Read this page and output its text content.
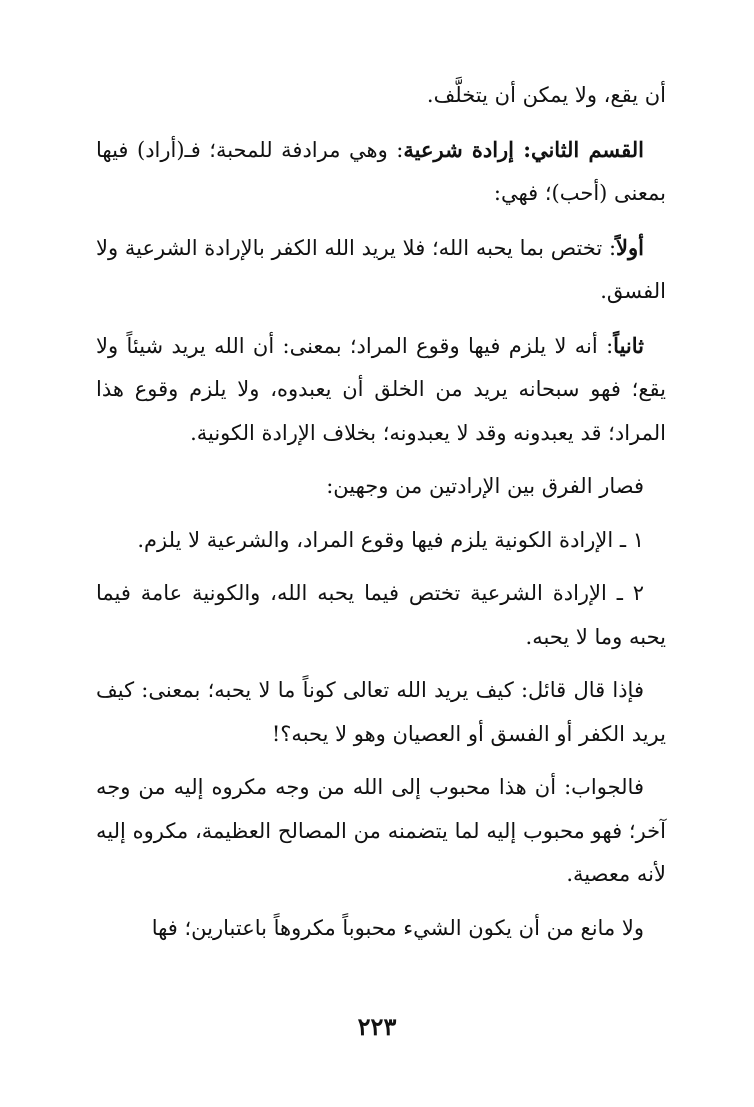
أن يقع، ولا يمكن أن يتخلَّف.

القسم الثاني: إرادة شرعية: وهي مرادفة للمحبة؛ فـ(أراد) فيها بمعنى (أحب)؛ فهي:

أولاً: تختص بما يحبه الله؛ فلا يريد الله الكفر بالإرادة الشرعية ولا الفسق.

ثانياً: أنه لا يلزم فيها وقوع المراد؛ بمعنى: أن الله يريد شيئاً ولا يقع؛ فهو سبحانه يريد من الخلق أن يعبدوه، ولا يلزم وقوع هذا المراد؛ قد يعبدونه وقد لا يعبدونه؛ بخلاف الإرادة الكونية.

فصار الفرق بين الإرادتين من وجهين:

١ ـ الإرادة الكونية يلزم فيها وقوع المراد، والشرعية لا يلزم.

٢ ـ الإرادة الشرعية تختص فيما يحبه الله، والكونية عامة فيما يحبه وما لا يحبه.

فإذا قال قائل: كيف يريد الله تعالى كوناً ما لا يحبه؛ بمعنى: كيف يريد الكفر أو الفسق أو العصيان وهو لا يحبه؟!

فالجواب: أن هذا محبوب إلى الله من وجه مكروه إليه من وجه آخر؛ فهو محبوب إليه لما يتضمنه من المصالح العظيمة، مكروه إليه لأنه معصية.

ولا مانع من أن يكون الشيء محبوباً مكروهاً باعتبارين؛ فها

٢٢٣
